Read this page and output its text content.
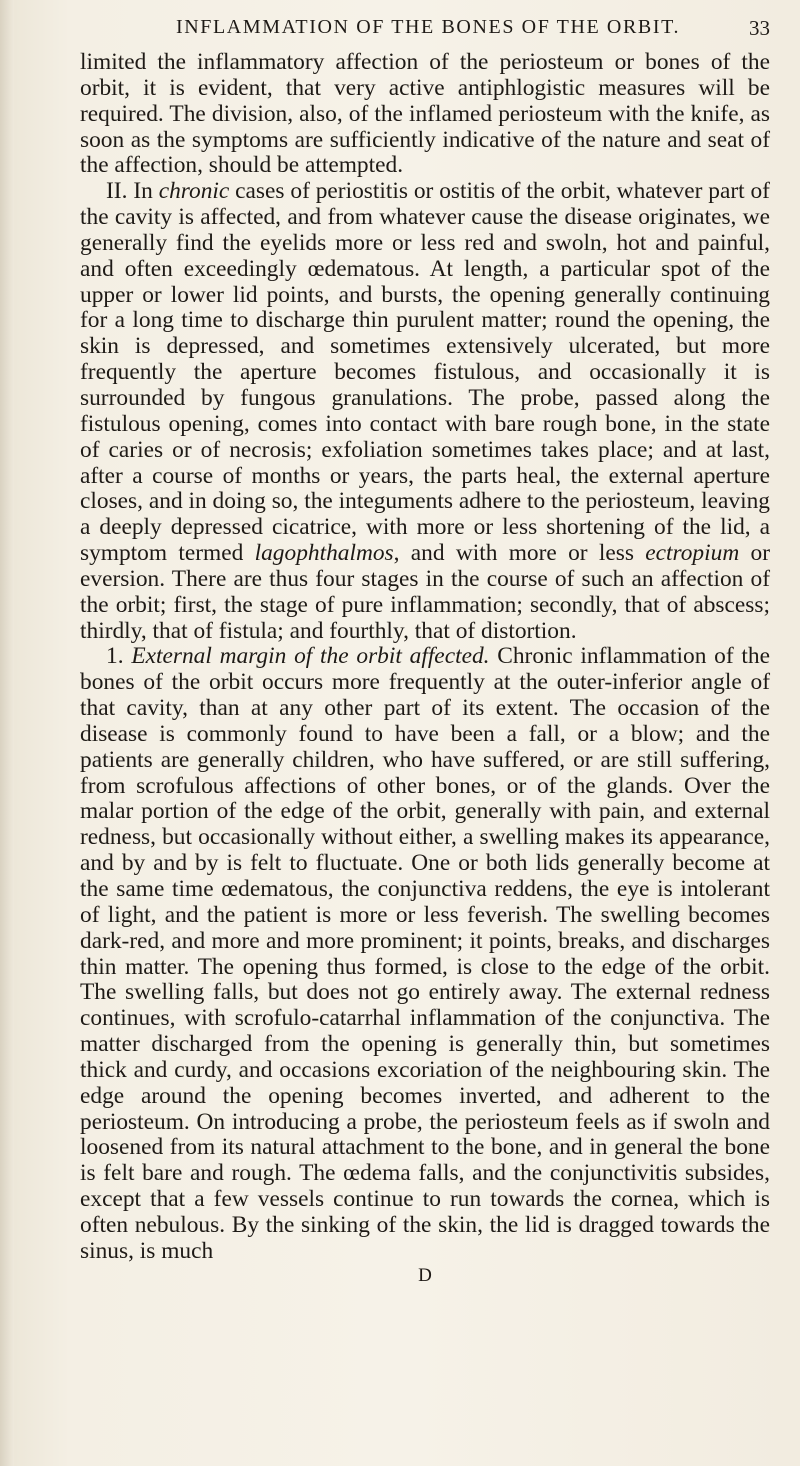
INFLAMMATION OF THE BONES OF THE ORBIT.	33

limited the inflammatory affection of the periosteum or bones of the orbit, it is evident, that very active antiphlogistic measures will be required. The division, also, of the inflamed periosteum with the knife, as soon as the symptoms are sufficiently indicative of the nature and seat of the affection, should be attempted.

II. In chronic cases of periostitis or ostitis of the orbit, whatever part of the cavity is affected, and from whatever cause the disease originates, we generally find the eyelids more or less red and swoln, hot and painful, and often exceedingly œdematous. At length, a particular spot of the upper or lower lid points, and bursts, the opening generally continuing for a long time to discharge thin purulent matter; round the opening, the skin is depressed, and sometimes extensively ulcerated, but more frequently the aperture becomes fistulous, and occasionally it is surrounded by fungous granulations. The probe, passed along the fistulous opening, comes into contact with bare rough bone, in the state of caries or of necrosis; exfoliation sometimes takes place; and at last, after a course of months or years, the parts heal, the external aperture closes, and in doing so, the integuments adhere to the periosteum, leaving a deeply depressed cicatrice, with more or less shortening of the lid, a symptom termed lagophthalmos, and with more or less ectropium or eversion. There are thus four stages in the course of such an affection of the orbit; first, the stage of pure inflammation; secondly, that of abscess; thirdly, that of fistula; and fourthly, that of distortion.

1. External margin of the orbit affected. Chronic inflammation of the bones of the orbit occurs more frequently at the outer-inferior angle of that cavity, than at any other part of its extent. The occasion of the disease is commonly found to have been a fall, or a blow; and the patients are generally children, who have suffered, or are still suffering, from scrofulous affections of other bones, or of the glands. Over the malar portion of the edge of the orbit, generally with pain, and external redness, but occasionally without either, a swelling makes its appearance, and by and by is felt to fluctuate. One or both lids generally become at the same time œdematous, the conjunctiva reddens, the eye is intolerant of light, and the patient is more or less feverish. The swelling becomes dark-red, and more and more prominent; it points, breaks, and discharges thin matter. The opening thus formed, is close to the edge of the orbit. The swelling falls, but does not go entirely away. The external redness continues, with scrofulo-catarrhal inflammation of the conjunctiva. The matter discharged from the opening is generally thin, but sometimes thick and curdy, and occasions excoriation of the neighbouring skin. The edge around the opening becomes inverted, and adherent to the periosteum. On introducing a probe, the periosteum feels as if swoln and loosened from its natural attachment to the bone, and in general the bone is felt bare and rough. The œdema falls, and the conjunctivitis subsides, except that a few vessels continue to run towards the cornea, which is often nebulous. By the sinking of the skin, the lid is dragged towards the sinus, is much

D
